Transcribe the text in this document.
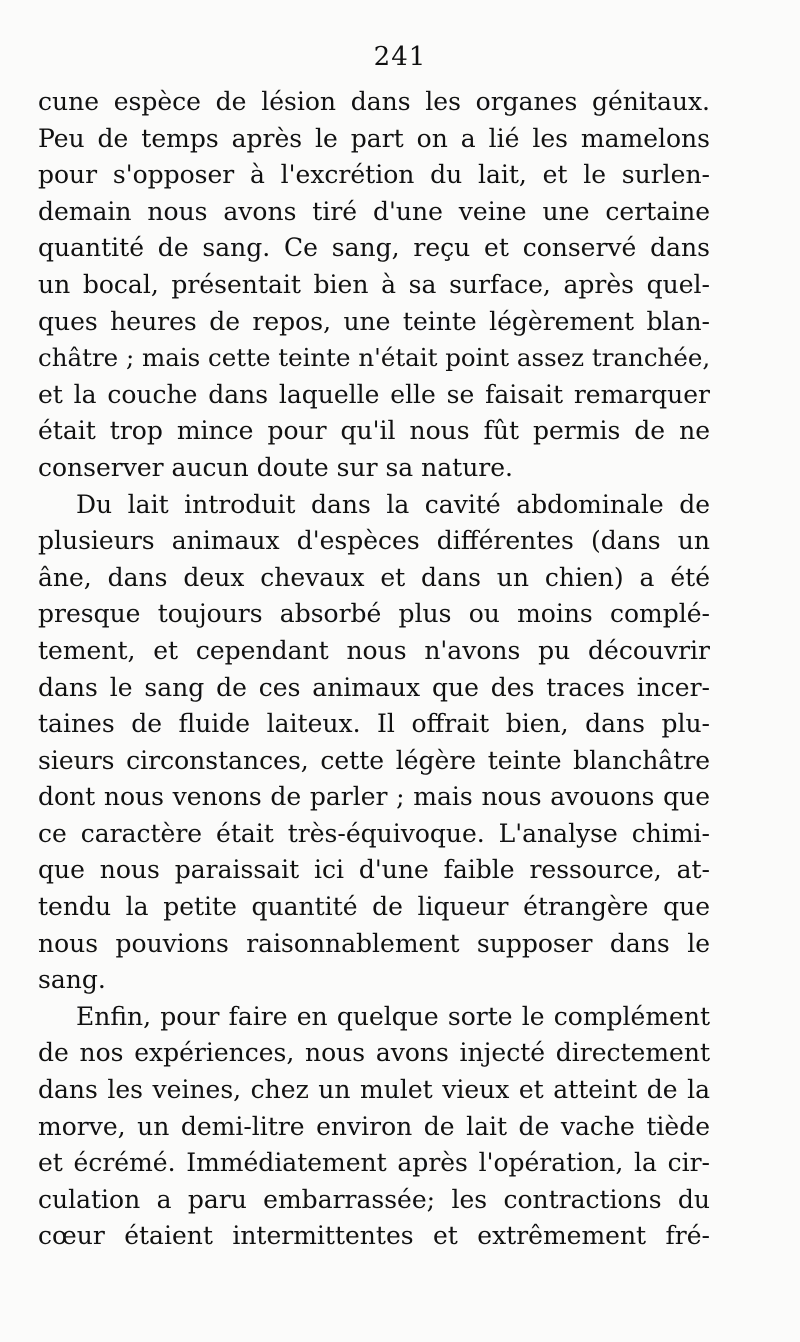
241
cune espèce de lésion dans les organes génitaux.
Peu de temps après le part on a lié les mamelons
pour s'opposer à l'excrétion du lait, et le surlen-
demain nous avons tiré d'une veine une certaine
quantité de sang. Ce sang, reçu et conservé dans
un bocal, présentait bien à sa surface, après quel-
ques heures de repos, une teinte légèrement blan-
châtre ; mais cette teinte n'était point assez tranchée,
et la couche dans laquelle elle se faisait remarquer
était trop mince pour qu'il nous fût permis de ne
conserver aucun doute sur sa nature.
Du lait introduit dans la cavité abdominale de
plusieurs animaux d'espèces différentes (dans un
âne, dans deux chevaux et dans un chien) a été
presque toujours absorbé plus ou moins complé-
tement, et cependant nous n'avons pu découvrir
dans le sang de ces animaux que des traces incer-
taines de fluide laiteux. Il offrait bien, dans plu-
sieurs circonstances, cette légère teinte blanchâtre
dont nous venons de parler ; mais nous avouons que
ce caractère était très-équivoque. L'analyse chimi-
que nous paraissait ici d'une faible ressource, at-
tendu la petite quantité de liqueur étrangère que
nous pouvions raisonnablement supposer dans le
sang.
Enfin, pour faire en quelque sorte le complément
de nos expériences, nous avons injecté directement
dans les veines, chez un mulet vieux et atteint de la
morve, un demi-litre environ de lait de vache tiède
et écrémé. Immédiatement après l'opération, la cir-
culation a paru embarrassée; les contractions du
cœur étaient intermittentes et extrêmement fré-
